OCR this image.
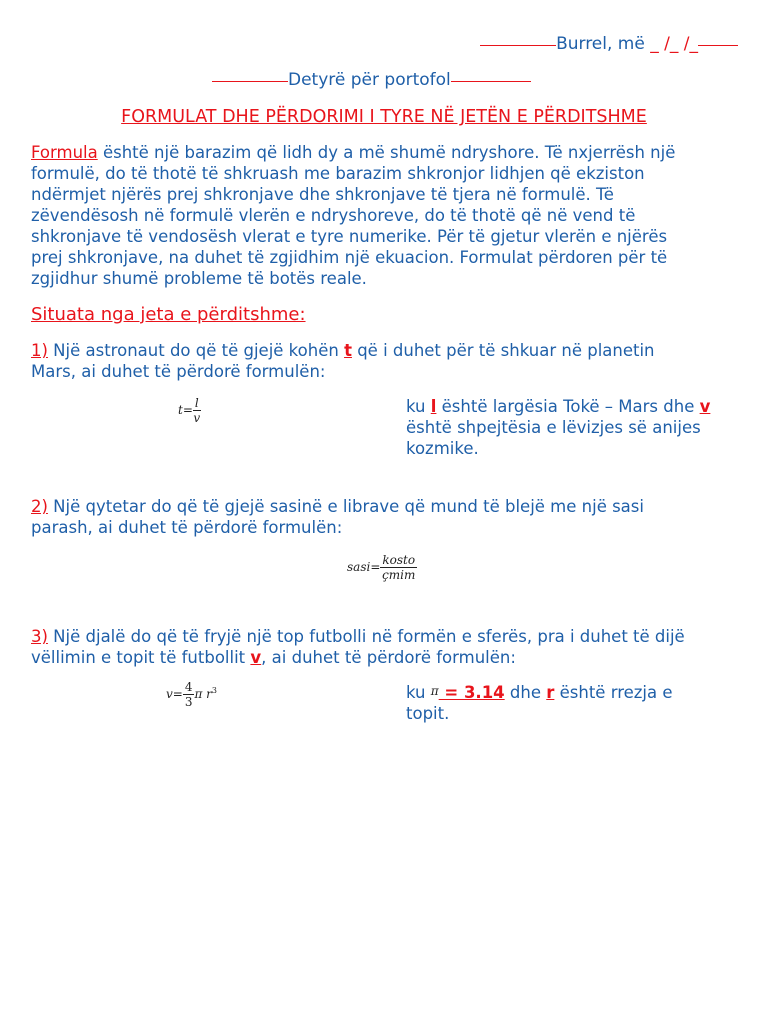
Burrel, më _ /_ /_
Detyrë për portofol
FORMULAT DHE PËRDORIMI I TYRE NË JETËN E PËRDITSHME
Formula është një barazim që lidh dy a më shumë ndryshore. Të nxjerrësh një
formulë, do të thotë të shkruash me barazim shkronjor lidhjen që ekziston
ndërmjet njërës prej shkronjave dhe shkronjave të tjera në formulë. Të
zëvendësosh në formulë vlerën e ndryshoreve, do të thotë që në vend të
shkronjave të vendosësh vlerat e tyre numerike. Për të gjetur vlerën e njërës
prej shkronjave, na duhet të zgjidhim një ekuacion. Formulat përdoren për të
zgjidhur shumë probleme të botës reale.
Situata nga jeta e përditshme:
1) Një astronaut do që të gjejë kohën t që i duhet për të shkuar në planetin
Mars, ai duhet të përdorë formulën:
$t= \frac{l}{v}$	ku l është largësia Tokë – Mars dhe v
është shpejtësia e lëvizjes së anijes
kozmike.
2) Një qytetar do që të gjejë sasinë e librave që mund të blejë me një sasi
parash, ai duhet të përdorë formulën:
sasi= $\frac{\text{kosto}}{\text{çmim}}$
3) Një djalë do që të fryjë një top futbolli në formën e sferës, pra i duhet të dijë
vëllimin e topit të futbollit v, ai duhet të përdorë formulën:
$v= \frac{4}{3}$ π $r^3$	ku π = 3.14 dhe r është rrezja e
topit.
